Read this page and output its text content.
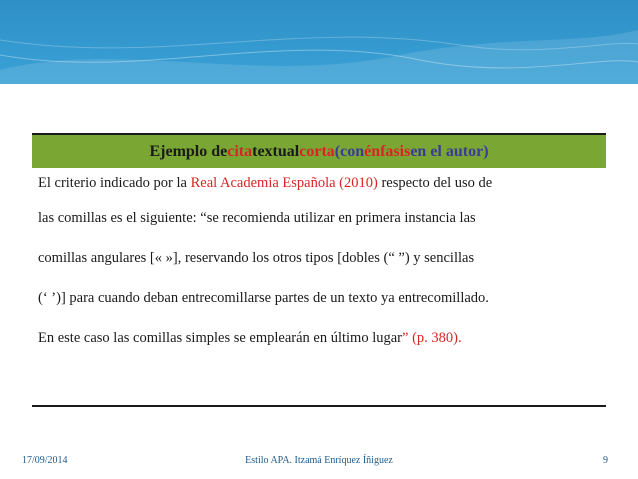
Ejemplo de cita textual corta (con énfasis en el autor)
El criterio indicado por la Real Academia Española (2010) respecto del uso de
las comillas es el siguiente: “se recomienda utilizar en primera instancia las
comillas angulares [« »], reservando los otros tipos [dobles (“ ”) y sencillas
(‘ ’)] para cuando deban entrecomillarse partes de un texto ya entrecomillado.
En este caso las comillas simples se emplearán en último lugar” (p. 380).
17/09/2014	Estilo APA. Itzamá Enríquez Íñiguez	9
